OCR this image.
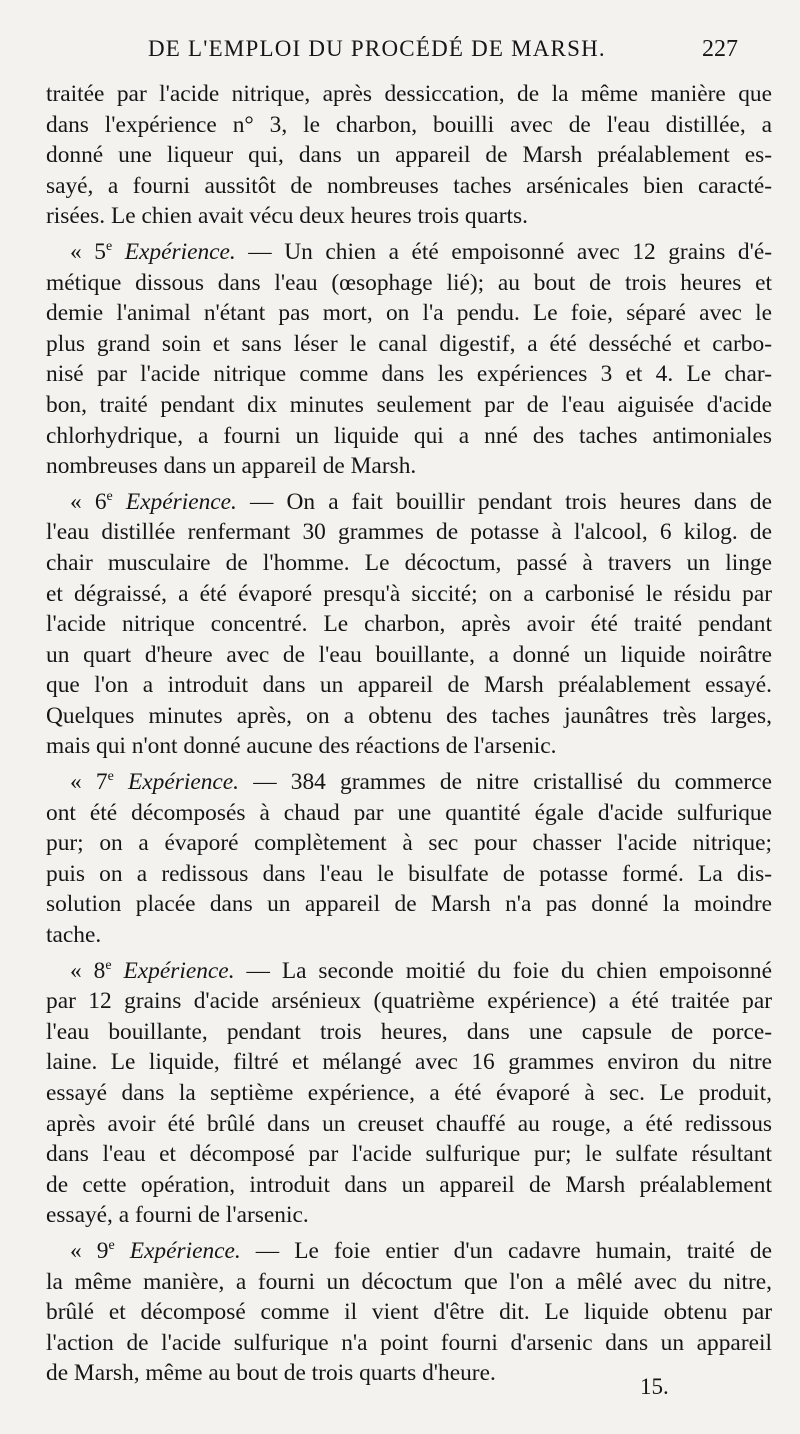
DE L'EMPLOI DU PROCÉDÉ DE MARSH.	227
traitée par l'acide nitrique, après dessiccation, de la même manière que
dans l'expérience n° 3, le charbon, bouilli avec de l'eau distillée, a
donné une liqueur qui, dans un appareil de Marsh préalablement es-
sayé, a fourni aussitôt de nombreuses taches arsénicales bien caracté-
risées. Le chien avait vécu deux heures trois quarts.
« 5e Expérience. — Un chien a été empoisonné avec 12 grains d'é-
métique dissous dans l'eau (œsophage lié); au bout de trois heures et
demie l'animal n'étant pas mort, on l'a pendu. Le foie, séparé avec le
plus grand soin et sans léser le canal digestif, a été desséché et carbo-
nisé par l'acide nitrique comme dans les expériences 3 et 4. Le char-
bon, traité pendant dix minutes seulement par de l'eau aiguisée d'acide
chlorhydrique, a fourni un liquide qui a nné des taches antimoniales
nombreuses dans un appareil de Marsh.
« 6e Expérience. — On a fait bouillir pendant trois heures dans de
l'eau distillée renfermant 30 grammes de potasse à l'alcool, 6 kilog. de
chair musculaire de l'homme. Le décoctum, passé à travers un linge
et dégraissé, a été évaporé presqu'à siccité; on a carbonisé le résidu par
l'acide nitrique concentré. Le charbon, après avoir été traité pendant
un quart d'heure avec de l'eau bouillante, a donné un liquide noirâtre
que l'on a introduit dans un appareil de Marsh préalablement essayé.
Quelques minutes après, on a obtenu des taches jaunâtres très larges,
mais qui n'ont donné aucune des réactions de l'arsenic.
« 7e Expérience. — 384 grammes de nitre cristallisé du commerce
ont été décomposés à chaud par une quantité égale d'acide sulfurique
pur; on a évaporé complètement à sec pour chasser l'acide nitrique;
puis on a redissous dans l'eau le bisulfate de potasse formé. La dis-
solution placée dans un appareil de Marsh n'a pas donné la moindre
tache.
« 8e Expérience. — La seconde moitié du foie du chien empoisonné
par 12 grains d'acide arsénieux (quatrième expérience) a été traitée par
l'eau bouillante, pendant trois heures, dans une capsule de porce-
laine. Le liquide, filtré et mélangé avec 16 grammes environ du nitre
essayé dans la septième expérience, a été évaporé à sec. Le produit,
après avoir été brûlé dans un creuset chauffé au rouge, a été redissous
dans l'eau et décomposé par l'acide sulfurique pur; le sulfate résultant
de cette opération, introduit dans un appareil de Marsh préalablement
essayé, a fourni de l'arsenic.
« 9e Expérience. — Le foie entier d'un cadavre humain, traité de
la même manière, a fourni un décoctum que l'on a mêlé avec du nitre,
brûlé et décomposé comme il vient d'être dit. Le liquide obtenu par
l'action de l'acide sulfurique n'a point fourni d'arsenic dans un appareil
de Marsh, même au bout de trois quarts d'heure.
15.
